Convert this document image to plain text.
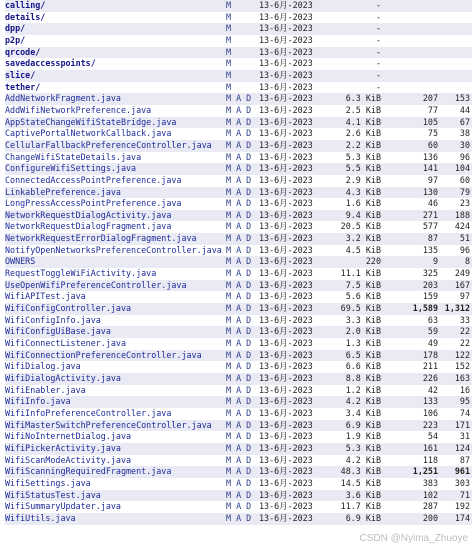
calling/	M	13-6月-2023	-		
details/	M	13-6月-2023	-		
dpp/	M	13-6月-2023	-		
p2p/	M	13-6月-2023	-		
qrcode/	M	13-6月-2023	-		
savedaccesspoints/	M	13-6月-2023	-		
slice/	M	13-6月-2023	-		
tether/	M	13-6月-2023	-		
AddNetworkFragment.java	M A D	13-6月-2023	6.3 KiB	207	153
AddWifiNetworkPreference.java	M A D	13-6月-2023	2.5 KiB	77	44
AppStateChangeWifiStateBridge.java	M A D	13-6月-2023	4.1 KiB	105	67
CaptivePortalNetworkCallback.java	M A D	13-6月-2023	2.6 KiB	75	38
CellularFallbackPreferenceController.java	M A D	13-6月-2023	2.2 KiB	60	30
ChangeWifiStateDetails.java	M A D	13-6月-2023	5.3 KiB	136	96
ConfigureWifiSettings.java	M A D	13-6月-2023	5.5 KiB	141	104
ConnectedAccessPointPreference.java	M A D	13-6月-2023	2.9 KiB	97	60
LinkablePreference.java	M A D	13-6月-2023	4.3 KiB	130	79
LongPressAccessPointPreference.java	M A D	13-6月-2023	1.6 KiB	46	23
NetworkRequestDialogActivity.java	M A D	13-6月-2023	9.4 KiB	271	188
NetworkRequestDialogFragment.java	M A D	13-6月-2023	20.5 KiB	577	424
NetworkRequestErrorDialogFragment.java	M A D	13-6月-2023	3.2 KiB	87	51
NotifyOpenNetworksPreferenceController.java	M A D	13-6月-2023	4.5 KiB	135	96
OWNERS	M A D	13-6月-2023	220	9	8
RequestToggleWiFiActivity.java	M A D	13-6月-2023	11.1 KiB	325	249
UseOpenWifiPreferenceController.java	M A D	13-6月-2023	7.5 KiB	203	167
WifiAPITest.java	M A D	13-6月-2023	5.6 KiB	159	97
WifiConfigController.java	M A D	13-6月-2023	69.5 KiB	1,589	1,312
WifiConfigInfo.java	M A D	13-6月-2023	3.3 KiB	63	33
WifiConfigUiBase.java	M A D	13-6月-2023	2.0 KiB	59	22
WifiConnectListener.java	M A D	13-6月-2023	1.3 KiB	49	22
WifiConnectionPreferenceController.java	M A D	13-6月-2023	6.5 KiB	178	122
WifiDialog.java	M A D	13-6月-2023	6.6 KiB	211	152
WifiDialogActivity.java	M A D	13-6月-2023	8.8 KiB	226	163
WifiEnabler.java	M A D	13-6月-2023	1.2 KiB	42	16
WifiInfo.java	M A D	13-6月-2023	4.2 KiB	133	95
WifiInfoPreferenceController.java	M A D	13-6月-2023	3.4 KiB	106	74
WifiMasterSwitchPreferenceController.java	M A D	13-6月-2023	6.9 KiB	223	171
WifiNoInternetDialog.java	M A D	13-6月-2023	1.9 KiB	54	31
WifiPickerActivity.java	M A D	13-6月-2023	5.3 KiB	161	124
WifiScanModeActivity.java	M A D	13-6月-2023	4.2 KiB	118	87
WifiScanningRequiredFragment.java	M A D	13-6月-2023	48.3 KiB	1,251	961
WifiSettings.java	M A D	13-6月-2023	14.5 KiB	383	303
WifiStatusTest.java	M A D	13-6月-2023	3.6 KiB	102	71
WifiSummaryUpdater.java	M A D	13-6月-2023	11.7 KiB	287	192
WifiUtils.java	M A D	13-6月-2023	6.9 KiB	200	174
CSDN @Nyima_Zhuoye
